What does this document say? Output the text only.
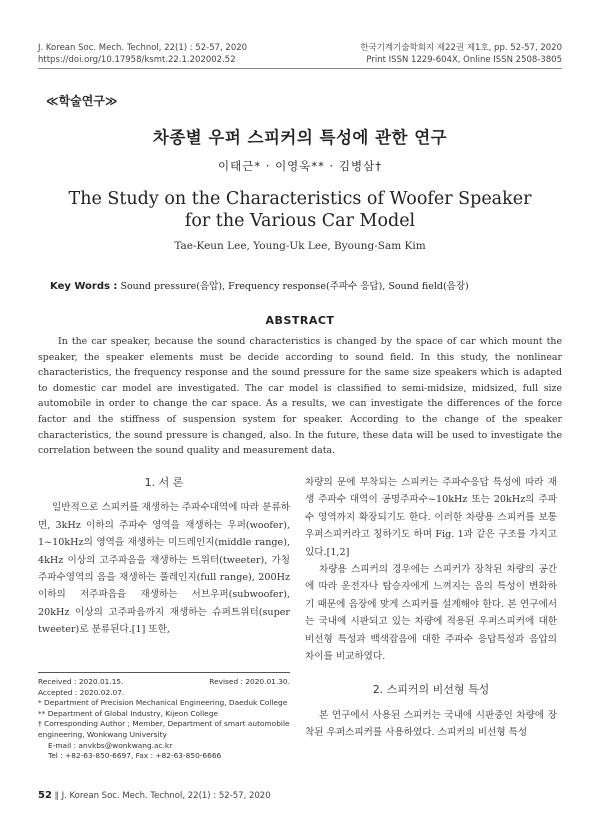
J. Korean Soc. Mech. Technol, 22(1) : 52-57, 2020
https://doi.org/10.17958/ksmt.22.1.202002.52
한국기계기술학회지 제22권 제1호, pp. 52-57, 2020
Print ISSN 1229-604X, Online ISSN 2508-3805
≪학술연구≫
차종별 우퍼 스피커의 특성에 관한 연구
이태근* · 이영욱** · 김병삼†
The Study on the Characteristics of Woofer Speaker
for the Various Car Model
Tae-Keun Lee, Young-Uk Lee, Byoung-Sam Kim
Key Words : Sound pressure(음압), Frequency response(주파수 응답), Sound field(음장)
ABSTRACT
In the car speaker, because the sound characteristics is changed by the space of car which mount the speaker, the speaker elements must be decide according to sound field. In this study, the nonlinear characteristics, the frequency response and the sound pressure for the same size speakers which is adapted to domestic car model are investigated. The car model is classified to semi-midsize, midsized, full size automobile in order to change the car space. As a results, we can investigate the differences of the force factor and the stiffness of suspension system for speaker. According to the change of the speaker characteristics, the sound pressure is changed, also. In the future, these data will be used to investigate the correlation between the sound quality and measurement data.
1. 서 론

일반적으로 스피커를 재생하는 주파수대역에 따라 분류하면, 3kHz 이하의 주파수 영역을 재생하는 우퍼(woofer), 1~10kHz의 영역을 재생하는 미드레인지(middle range), 4kHz 이상의 고주파음을 재생하는 트위터(tweeter), 가청주파수영역의 음을 재생하는 풀레인지(full range), 200Hz 이하의 저주파음을 재생하는 서브우퍼(subwoofer), 20kHz 이상의 고주파음까지 재생하는 슈퍼트위터(super tweeter)로 분류된다.[1] 또한,

차량의 문에 부착되는 스피커는 주파수응답 특성에 따라 재생 주파수 대역이 공명주파수~10kHz 또는 20kHz의 주파수 영역까지 확장되기도 한다. 이러한 차량용 스피커를 보통 우퍼스피커라고 칭하기도 하며 Fig. 1과 같은 구조를 가지고 있다.[1,2]

차량용 스피커의 경우에는 스피커가 장착된 차량의 공간에 따라 운전자나 탑승자에게 느껴지는 음의 특성이 변화하기 때문에 음장에 맞게 스피커를 설계해야 한다. 본 연구에서는 국내에 시판되고 있는 차량에 적용된 우퍼스피커에 대한 비선형 특성과 백색잡음에 대한 주파수 응답특성과 음압의 차이를 비교하였다.

2. 스피커의 비선형 특성

본 연구에서 사용된 스피커는 국내에 시판중인 차량에 장착된 우퍼스피커를 사용하였다. 스피커의 비선형 특성

Received : 2020.01.15.	Revised : 2020.01.30.
Accepted : 2020.02.07.
* Department of Precision Mechanical Engineering, Daeduk College
** Department of Global Industry, Kijeon College
† Corresponding Author ; Member, Department of smart automobile engineering, Wonkwang University
E-mail : anvkbs@wonkwang.ac.kr
Tel : +82-63-850-6697, Fax : +82-63-850-6666
52 ∥ J. Korean Soc. Mech. Technol, 22(1) : 52-57, 2020
